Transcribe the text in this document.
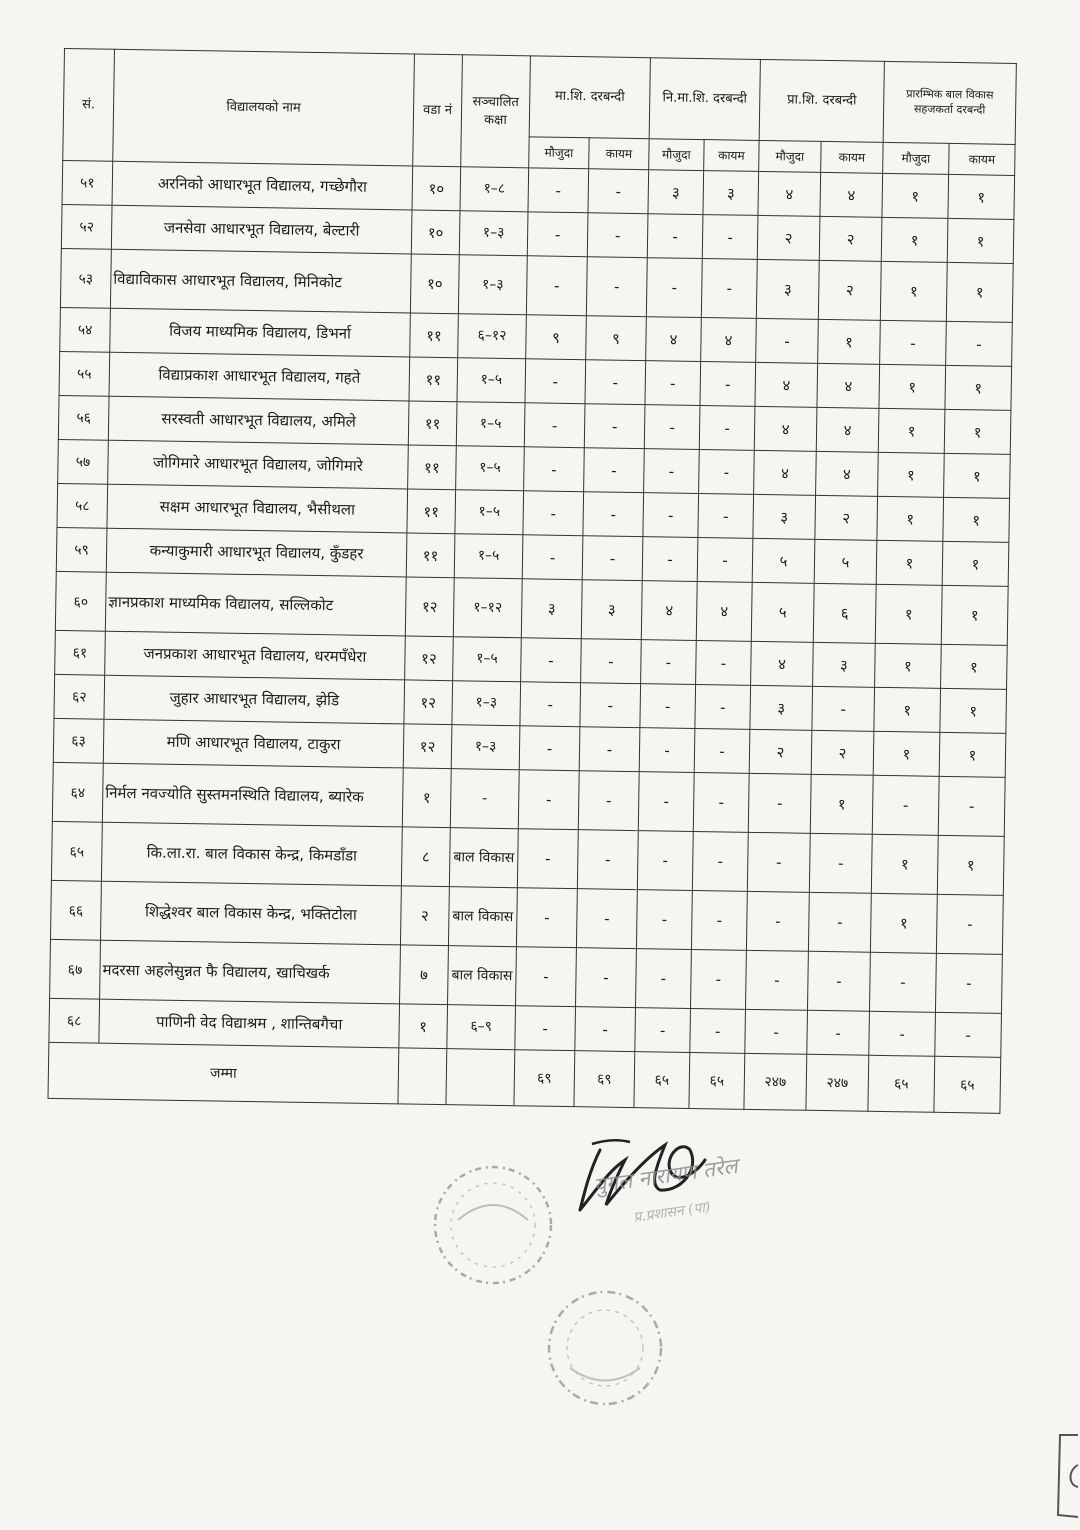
सं.	विद्यालयको नाम	वडा नं	सञ्चालित कक्षा	मा.शि. दरबन्दी		नि.मा.शि. दरबन्दी		प्रा.शि. दरबन्दी		प्रारम्भिक बाल विकास सहजकर्ता दरबन्दी	
				मौजुदा	कायम	मौजुदा	कायम	मौजुदा	कायम	मौजुदा	कायम
५१	अरनिको आधारभूत विद्यालय, गच्छेगौरा	१०	१–८	-	-	३	३	४	४	१	१
५२	जनसेवा आधारभूत विद्यालय, बेल्टारी	१०	१–३	-	-	-	-	२	२	१	१
५३	विद्याविकास आधारभूत विद्यालय, मिनिकोट	१०	१–३	-	-	-	-	३	२	१	१
५४	विजय माध्यमिक विद्यालय, डिभर्ना	११	६–१२	९	९	४	४	-	१	-	-
५५	विद्याप्रकाश आधारभूत विद्यालय, गहते	११	१–५	-	-	-	-	४	४	१	१
५६	सरस्वती आधारभूत विद्यालय, अमिले	११	१–५	-	-	-	-	४	४	१	१
५७	जोगिमारे आधारभूत विद्यालय, जोगिमारे	११	१–५	-	-	-	-	४	४	१	१
५८	सक्षम आधारभूत विद्यालय, भैसीथला	११	१–५	-	-	-	-	३	२	१	१
५९	कन्याकुमारी आधारभूत विद्यालय, कुँडहर	११	१–५	-	-	-	-	५	५	१	१
६०	ज्ञानप्रकाश माध्यमिक विद्यालय, सल्लिकोट	१२	१–१२	३	३	४	४	५	६	१	१
६१	जनप्रकाश आधारभूत विद्यालय, धरमपँधेरा	१२	१–५	-	-	-	-	४	३	१	१
६२	जुहार आधारभूत विद्यालय, झेडि	१२	१–३	-	-	-	-	३	-	१	१
६३	मणि आधारभूत विद्यालय, टाकुरा	१२	१–३	-	-	-	-	२	२	१	१
६४	निर्मल नवज्योति सुस्तमनस्थिति विद्यालय, ब्यारेक	१	-	-	-	-	-	-	१	-	-
६५	कि.ला.रा. बाल विकास केन्द्र, किमडाँडा	८	बाल विकास	-	-	-	-	-	-	१	१
६६	शिद्धेश्वर बाल विकास केन्द्र, भक्तिटोला	२	बाल विकास	-	-	-	-	-	-	१	-
६७	मदरसा अहलेसुन्नत फै विद्यालय, खाचिखर्क	७	बाल विकास	-	-	-	-	-	-	-	-
६८	पाणिनी वेद विद्याश्रम , शान्तिबगैचा	१	६–९	-	-	-	-	-	-	-	-
जम्मा				६९	६९	६५	६५	२४७	२४७	६५	६५
युगल नारायण तरेल
प्र.प्रशासन (पा)
